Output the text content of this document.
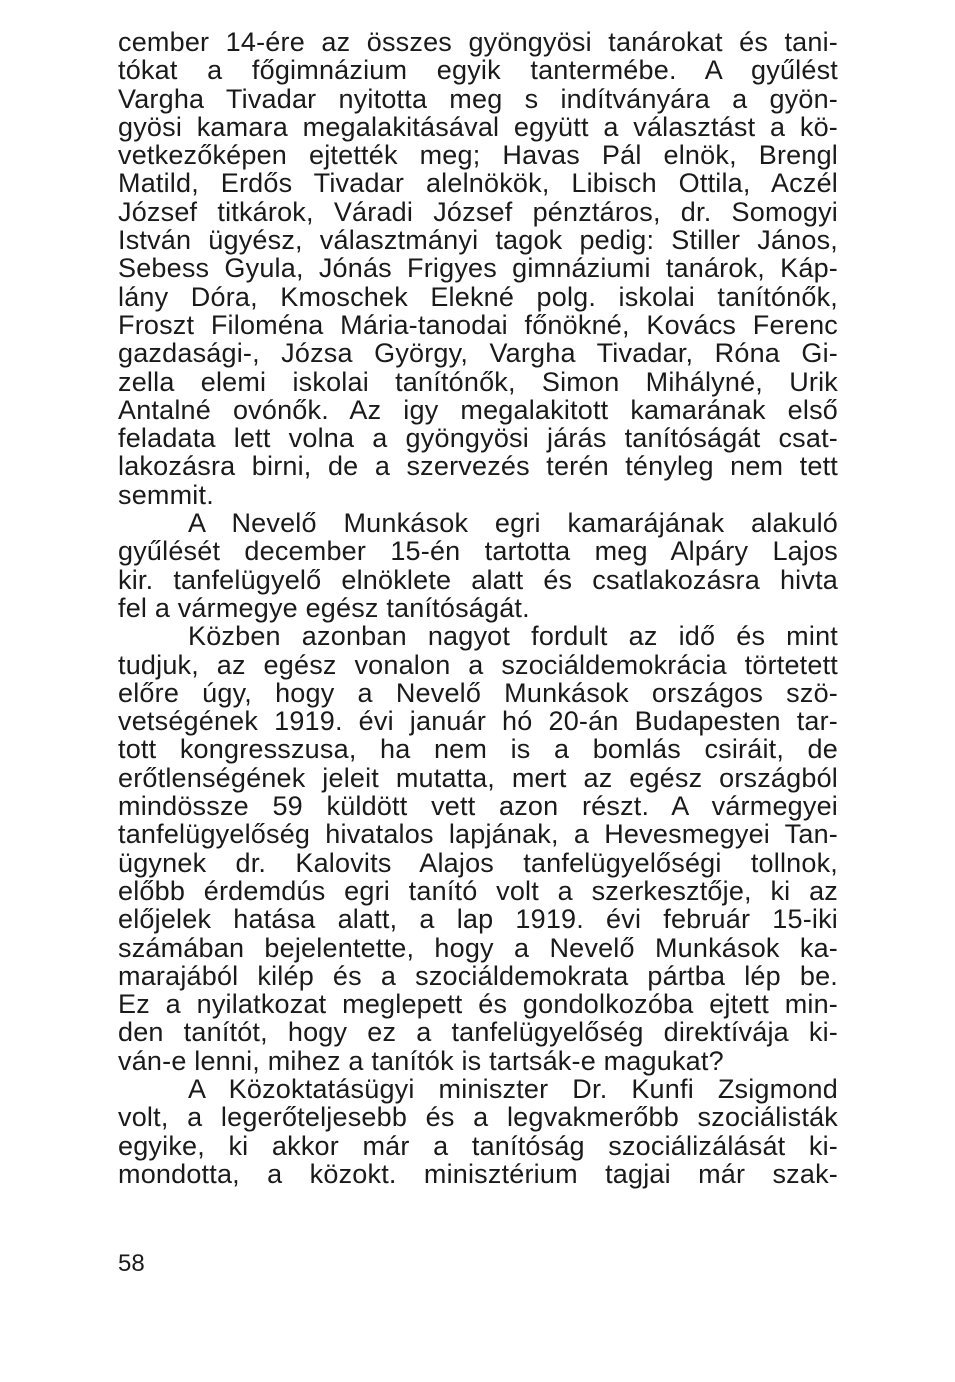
cember 14-ére az összes gyöngyösi tanárokat és tani-
tókat a főgimnázium egyik tantermébe. A gyűlést
Vargha Tivadar nyitotta meg s indítványára a gyön-
gyösi kamara megalakitásával együtt a választást a kö-
vetkezőképen ejtették meg; Havas Pál elnök, Brengl
Matild, Erdős Tivadar alelnökök, Libisch Ottila, Aczél
József titkárok, Váradi József pénztáros, dr. Somogyi
István ügyész, választmányi tagok pedig: Stiller János,
Sebess Gyula, Jónás Frigyes gimnáziumi tanárok, Káp-
lány Dóra, Kmoschek Elekné polg. iskolai tanítónők,
Froszt Filoména Mária-tanodai főnökné, Kovács Ferenc
gazdasági-, Józsa György, Vargha Tivadar, Róna Gi-
zella elemi iskolai tanítónők, Simon Mihályné, Urik
Antalné ovónők. Az igy megalakitott kamarának első
feladata lett volna a gyöngyösi járás tanítóságát csat-
lakozásra birni, de a szervezés terén tényleg nem tett
semmit.
A Nevelő Munkások egri kamarájának alakuló
gyűlését december 15-én tartotta meg Alpáry Lajos
kir. tanfelügyelő elnöklete alatt és csatlakozásra hivta
fel a vármegye egész tanítóságát.
Közben azonban nagyot fordult az idő és mint
tudjuk, az egész vonalon a szociáldemokrácia törtetett
előre úgy, hogy a Nevelő Munkások országos szö-
vetségének 1919. évi január hó 20-án Budapesten tar-
tott kongresszusa, ha nem is a bomlás csiráit, de
erőtlenségének jeleit mutatta, mert az egész országból
mindössze 59 küldött vett azon részt. A vármegyei
tanfelügyelőség hivatalos lapjának, a Hevesmegyei Tan-
ügynek dr. Kalovits Alajos tanfelügyelőségi tollnok,
előbb érdemdús egri tanító volt a szerkesztője, ki az
előjelek hatása alatt, a lap 1919. évi február 15-iki
számában bejelentette, hogy a Nevelő Munkások ka-
marajából kilép és a szociáldemokrata pártba lép be.
Ez a nyilatkozat meglepett és gondolkozóba ejtett min-
den tanítót, hogy ez a tanfelügyelőség direktívája ki-
ván-e lenni, mihez a tanítók is tartsák-e magukat?
A Közoktatásügyi miniszter Dr. Kunfi Zsigmond
volt, a legerőteljesebb és a legvakmerőbb szociálisták
egyike, ki akkor már a tanítóság szociálizálását ki-
mondotta, a közokt. minisztérium tagjai már szak-
58
